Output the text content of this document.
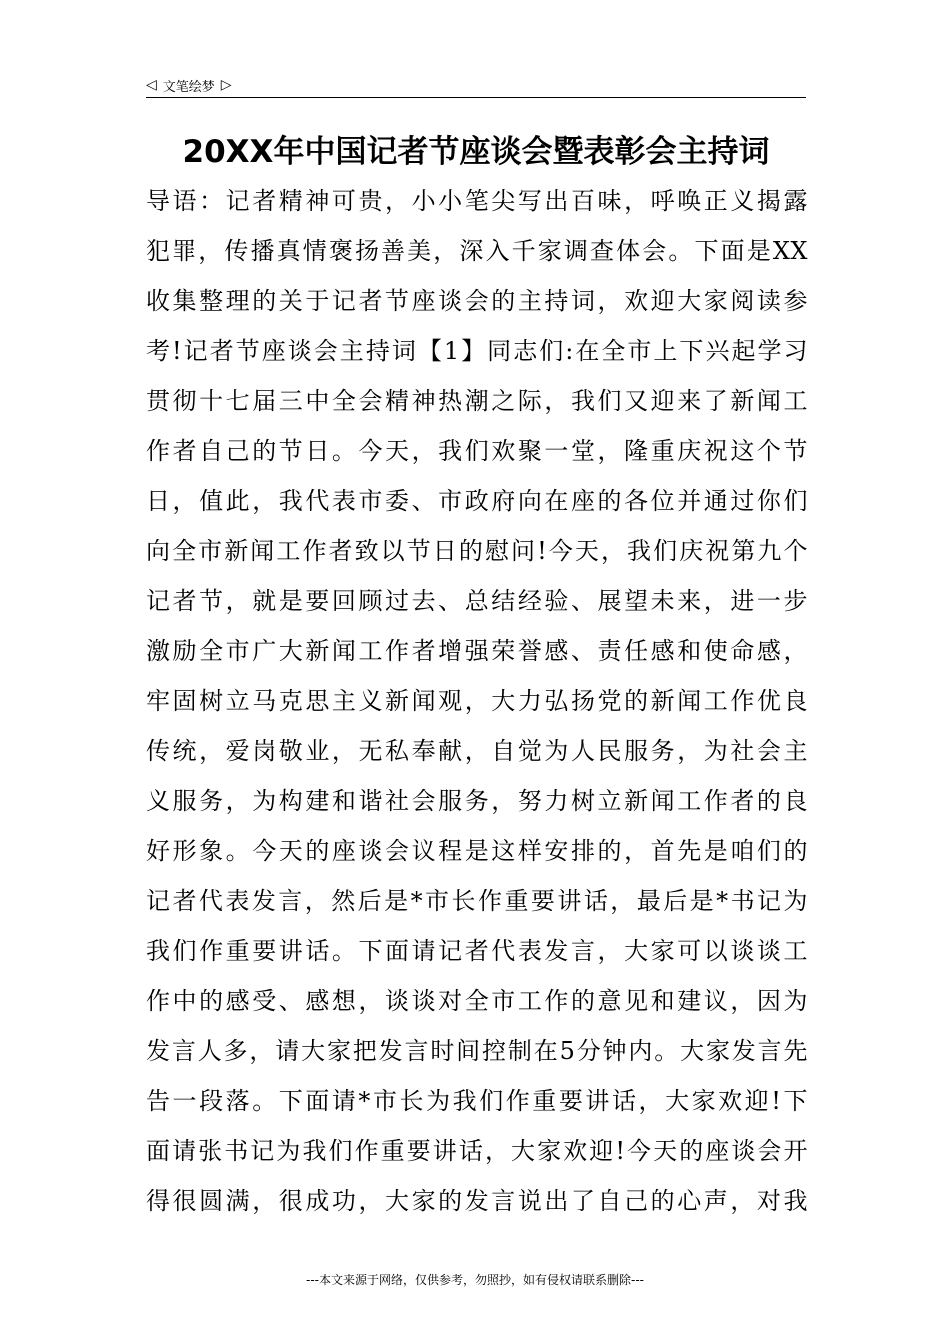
◁ 文笔绘梦 ▷
20XX年中国记者节座谈会暨表彰会主持词
导语：记者精神可贵，小小笔尖写出百味，呼唤正义揭露
犯罪，传播真情褒扬善美，深入千家调查体会。下面是XX
收集整理的关于记者节座谈会的主持词，欢迎大家阅读参
考!记者节座谈会主持词【1】同志们:在全市上下兴起学习
贯彻十七届三中全会精神热潮之际，我们又迎来了新闻工
作者自己的节日。今天，我们欢聚一堂，隆重庆祝这个节
日，值此，我代表市委、市政府向在座的各位并通过你们
向全市新闻工作者致以节日的慰问!今天，我们庆祝第九个
记者节，就是要回顾过去、总结经验、展望未来，进一步
激励全市广大新闻工作者增强荣誉感、责任感和使命感，
牢固树立马克思主义新闻观，大力弘扬党的新闻工作优良
传统，爱岗敬业，无私奉献，自觉为人民服务，为社会主
义服务，为构建和谐社会服务，努力树立新闻工作者的良
好形象。今天的座谈会议程是这样安排的，首先是咱们的
记者代表发言，然后是*市长作重要讲话，最后是*书记为
我们作重要讲话。下面请记者代表发言，大家可以谈谈工
作中的感受、感想，谈谈对全市工作的意见和建议，因为
发言人多，请大家把发言时间控制在5分钟内。大家发言先
告一段落。下面请*市长为我们作重要讲话，大家欢迎!下
面请张书记为我们作重要讲话，大家欢迎!今天的座谈会开
得很圆满，很成功，大家的发言说出了自己的心声，对我
---本文来源于网络，仅供参考，勿照抄，如有侵权请联系删除---
